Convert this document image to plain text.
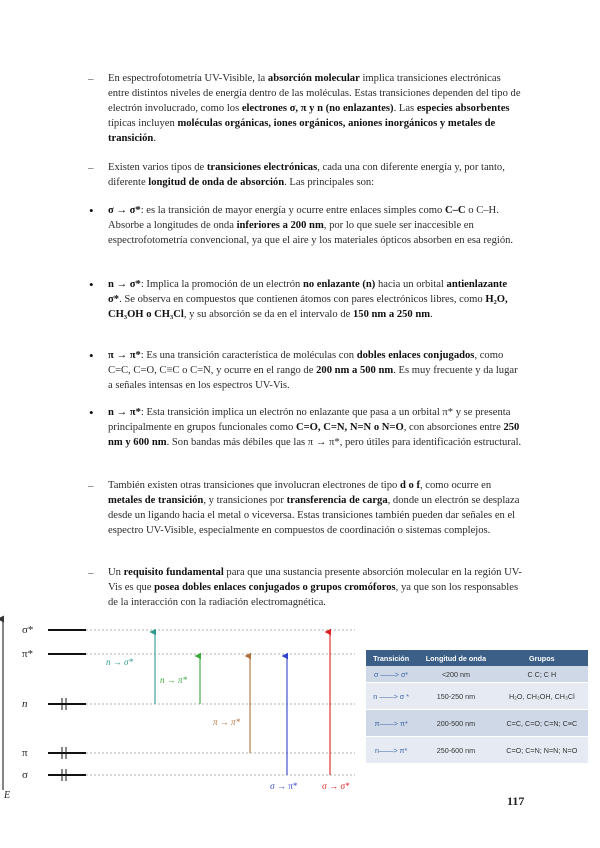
– En espectrofotometría UV-Visible, la absorción molecular implica transiciones electrónicas entre distintos niveles de energía dentro de las moléculas. Estas transiciones dependen del tipo de electrón involucrado, como los electrones σ, π y n (no enlazantes). Las especies absorbentes típicas incluyen moléculas orgánicas, iones orgánicos, aniones inorgánicos y metales de transición.

– Existen varios tipos de transiciones electrónicas, cada una con diferente energía y, por tanto, diferente longitud de onda de absorción. Las principales son:

• σ → σ*: es la transición de mayor energía y ocurre entre enlaces simples como C–C o C–H. Absorbe a longitudes de onda inferiores a 200 nm, por lo que suele ser inaccesible en espectrofotometría convencional, ya que el aire y los materiales ópticos absorben en esa región.

• n → σ*: Implica la promoción de un electrón no enlazante (n) hacia un orbital antienlazante σ*. Se observa en compuestos que contienen átomos con pares electrónicos libres, como H₂O, CH₃OH o CH₃Cl, y su absorción se da en el intervalo de 150 nm a 250 nm.

• π → π*: Es una transición característica de moléculas con dobles enlaces conjugados, como C=C, C=O, C≡C o C=N, y ocurre en el rango de 200 nm a 500 nm. Es muy frecuente y da lugar a señales intensas en los espectros UV-Vis.

• n → π*: Esta transición implica un electrón no enlazante que pasa a un orbital π* y se presenta principalmente en grupos funcionales como C=O, C=N, N=N o N=O, con absorciones entre 250 nm y 600 nm. Son bandas más débiles que las π → π*, pero útiles para identificación estructural.

– También existen otras transiciones que involucran electrones de tipo d o f, como ocurre en metales de transición, y transiciones por transferencia de carga, donde un electrón se desplaza desde un ligando hacia el metal o viceversa. Estas transiciones también pueden dar señales en el espectro UV-Visible, especialmente en compuestos de coordinación o sistemas complejos.

– Un requisito fundamental para que una sustancia presente absorción molecular en la región UV-Vis es que posea dobles enlaces conjugados o grupos cromóforos, ya que son los responsables de la interacción con la radiación electromagnética.

E
σ*
π*
n
π
σ
n → σ*
n → π*
π → π*
σ → π*	σ → σ*
Transición	Longitud de onda	Grupos
σ ——> σ*	<200 nm	C C; C H
n ——> σ *	150-250 nm	H₂O, CH₃OH, CH₃Cl
π——> π*	200-500 nm	C=C, C=O; C=N; C≡C
n——> π*	250-600 nm	C=O; C=N; N=N; N=O
117
